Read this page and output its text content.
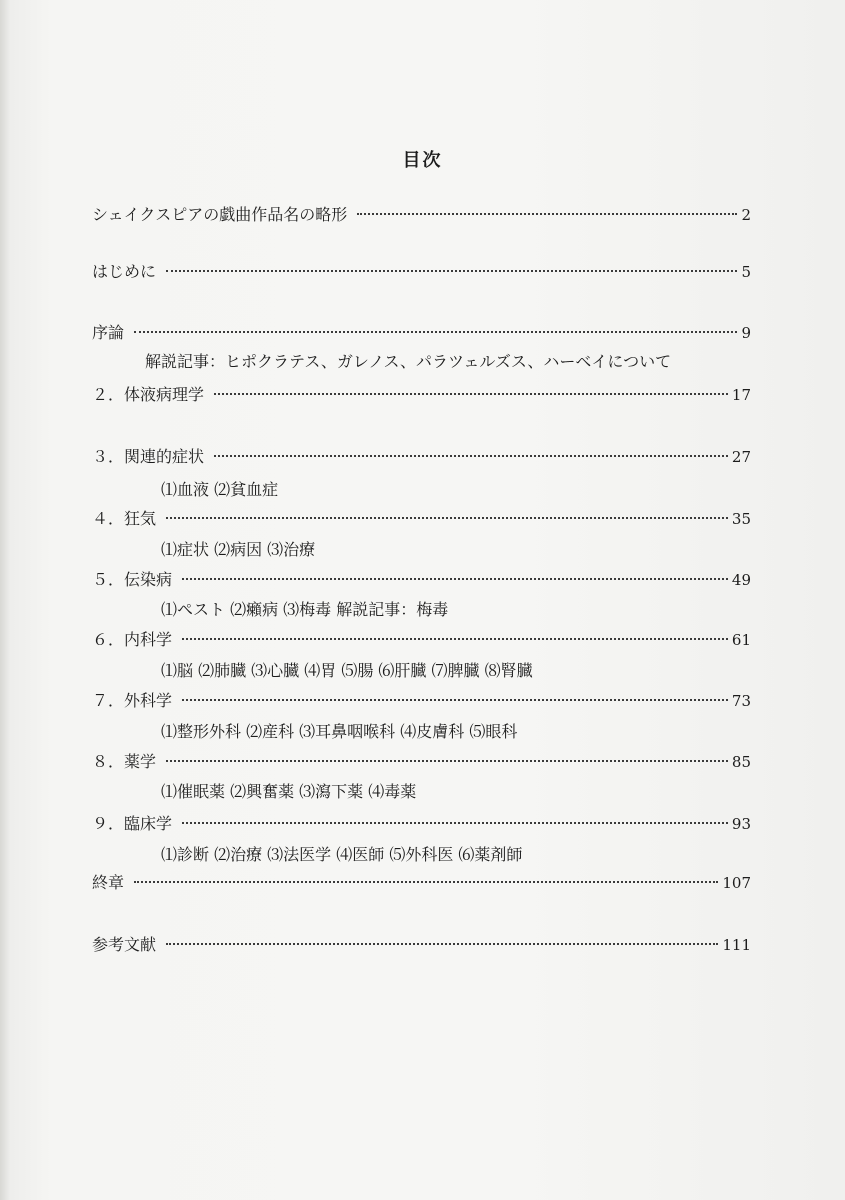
目次
シェイクスピアの戯曲作品名の略形	2
はじめに	5
序論	9
解説記事：ヒポクラテス、ガレノス、パラツェルズス、ハーベイについて
２．体液病理学	17
３．関連的症状	27
⑴血液 ⑵貧血症
４．狂気	35
⑴症状 ⑵病因 ⑶治療
５．伝染病	49
⑴ペスト ⑵癩病 ⑶梅毒 解説記事：梅毒
６．内科学	61
⑴脳 ⑵肺臓 ⑶心臓 ⑷胃 ⑸腸 ⑹肝臓 ⑺脾臓 ⑻腎臓
７．外科学	73
⑴整形外科 ⑵産科 ⑶耳鼻咽喉科 ⑷皮膚科 ⑸眼科
８．薬学	85
⑴催眠薬 ⑵興奮薬 ⑶瀉下薬 ⑷毒薬
９．臨床学	93
⑴診断 ⑵治療 ⑶法医学 ⑷医師 ⑸外科医 ⑹薬剤師
終章	107
参考文献	111
